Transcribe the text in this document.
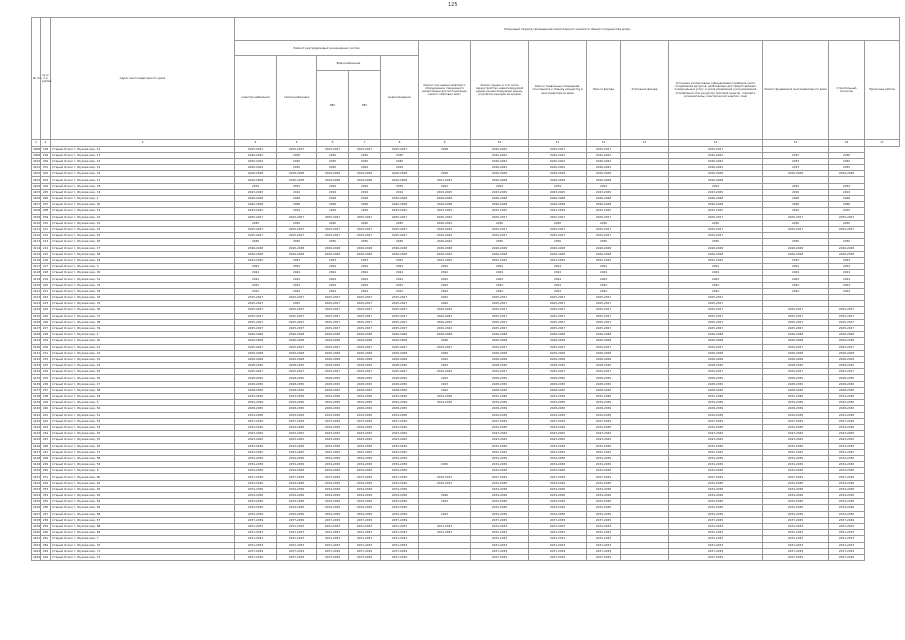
125
№ п/п	№ п/п в рублях	Адрес многоквартирного дома	Плановый период проведения капитального ремонта общего имущества дома													
			Ремонт внутридомовых инженерных систем					Ремонт или замена лифтового оборудования, признанного непригодным для эксплуатации, ремонт лифтовых шахт	Ремонт крыши, в том числе переустройство невентилируемой крыши на вентилируемую крышу, устройство выходов на кровлю	Ремонт подвальных помещений, относящихся к общему имуществу в многоквартирном доме	Ремонт фасада	Утепление фасада	Установка коллективных (общедомовых) приборов учета потребления ресурсов, необходимых для предоставления коммунальных услуг, и узлов управления и регулирования потребления этих ресурсов (тепловой энергии, горячей и холодной воды, электрической энергии, газа)	Ремонт фундамента многоквартирного дома	Строительный контроль	Проектные работы
			электроснабжения	теплоснабжения	Водоснабжения		водоотведения									
					ХВС	ГВС										
1	2	3	4	5	6	7	8	9	10	11	12	13	14	15	16	17
4098	198	Старый Оскол г, Жукова мкр, 12	2025-2031	2025-2027	2025-2027	2025-2027	2025-2027	2048	2040-2042	2025-2027	2025-2027		2025-2027			
4099	199	Старый Оскол г, Жукова мкр, 13	2040-2042	2030	2030	2030	2030		2040-2042	2040-2042	2040-2042		2040-2042	2033	2036	
4100	200	Старый Оскол г, Жукова мкр, 12	2040-2042	2030	2030	2030	2030		2040-2042	2040-2042	2040-2042		2040-2042	2033	2030	
4101	201	Старый Оскол г, Жукова мкр, 15	2040-2042	2030	2030	2029	2029		2040-2042	2040-2042	2040-2042		2040-2042	2033	2035	
4102	202	Старый Оскол г, Жукова мкр, 16	2026-2028	2026-2028	2026-2028	2026-2028	2026-2028	2026	2026-2028	2026-2028	2026-2028		2026-2028	2026-2028	2026-2028	
4103	203	Старый Оскол г, Жукова мкр, 17	2026-2028	2026-2028	2026-2028	2026-2028	2026-2028	2021-2023	2026-2028	2026-2028	2026-2028		2026-2028			
4104	204	Старый Оскол г, Жукова мкр, 18	2034	2034	2034	2034	2034	2022	2034	2034	2034		2034	2034	2034	
4105	205	Старый Оскол г, Жукова мкр, 19	2043-2045	2019	2019	2019	2019	2043-2045	2043-2045	2043-2045	2043-2045		2043-2045	2019	2019	
4106	206	Старый Оскол г, Жукова мкр, 2	2046-2048	2048	2048	2048	2046-2048	2046-2048	2046-2048	2046-2048	2046-2048		2046-2048	2048	2048	
4107	207	Старый Оскол г, Жукова мкр, 20	2046-2048	2048	2048	2048	2046-2048	2046-2048	2046-2048	2046-2048	2046-2048		2046-2048	2048	2048	
4108	208	Старый Оскол г, Жукова мкр, 21	2043-2045	2019	2019	2019	2043-2045	2043-2045	2043-2045	2043-2045	2043-2045		2043-2045	2019	2019	
4109	209	Старый Оскол г, Жукова мкр, 22	2025-2027	2025-2027	2025-2027	2025-2027	2025-2027	2040-2042	2025-2027	2025-2027	2025-2027		2025-2027	2025-2027	2025-2027	
4110	210	Старый Оскол г, Жукова мкр, 23	2030	2030	2030	2030	2030	2040-2042	2030	2030	2030		2030	2030	2030	
4111	211	Старый Оскол г, Жукова мкр, 24	2025-2027	2025-2027	2025-2027	2025-2027	2025-2027	2040-2042	2025-2027	2025-2027	2025-2027		2025-2027	2025-2027	2025-2027	
4112	212	Старый Оскол г, Жукова мкр, 25	2025-2027	2025-2027	2025-2027	2025-2027	2025-2027	2040-2042	2025-2027	2025-2027	2025-2027		2025-2027			
4113	213	Старый Оскол г, Жукова мкр, 26	2030	2030	2030	2030	2030	2040-2042	2030	2030	2030		2030	2030	2030	
4114	214	Старый Оскол г, Жукова мкр, 27	2046-2048	2046-2048	2046-2048	2046-2048	2046-2048	2046-2048	2046-2048	2046-2048	2046-2048		2046-2048	2046-2048	2046-2048	
4115	215	Старый Оскол г, Жукова мкр, 28	2026-2028	2026-2028	2026-2028	2026-2028	2026-2028	2040-2042	2026-2028	2026-2028	2026-2028		2026-2028	2026-2028	2026-2028	
4116	216	Старый Оскол г, Жукова мкр, 29	2043-2045	2033	2033	2033	2033	2043-2045	2043-2045	2043-2045	2043-2045		2043-2045	2033	2033	
4117	217	Старый Оскол г, Жукова мкр, 3	2024	2024	2024	2024	2024	2022	2024	2024	2024		2024	2024	2024	
4118	218	Старый Оскол г, Жукова мкр, 30	2024	2024	2024	2024	2024	2022	2024	2024	2024		2024	2024	2024	
4119	219	Старый Оскол г, Жукова мкр, 31	2024	2024	2024	2024	2024	2022	2024	2024	2024		2024	2024	2024	
4120	220	Старый Оскол г, Жукова мкр, 32	2024	2024	2024	2024	2024	2022	2024	2024	2024		2024	2024	2024	
4121	221	Старый Оскол г, Жукова мкр, 33	2024	2024	2024	2024	2024	2022	2024	2024	2024		2024	2024	2024	
4122	222	Старый Оскол г, Жукова мкр, 34	2025-2027	2025-2027	2025-2027	2025-2027	2025-2027	2022	2025-2027	2025-2027	2025-2027		2025-2027			
4123	223	Старый Оскол г, Жукова мкр, 35	2025-2027	2025	2025-2027	2025-2027	2025-2027	2040	2025-2027	2025-2027	2025-2027		2025-2027			
4124	224	Старый Оскол г, Жукова мкр, 36	2025-2027	2025-2027	2025-2027	2025-2027	2025-2027	2040-2042	2025-2027	2025-2027	2025-2027		2025-2027	2025-2027	2025-2027	
4125	225	Старый Оскол г, Жукова мкр, 37	2025-2027	2025-2027	2025-2027	2025-2027	2025-2027	2040-2042	2025-2027	2025-2027	2025-2027		2025-2027	2025-2027	2025-2027	
4126	226	Старый Оскол г, Жукова мкр, 38	2025-2027	2025-2027	2025-2027	2025-2027	2025-2027	2040-2042	2025-2027	2025-2027	2025-2027		2025-2027	2025-2027	2025-2027	
4127	227	Старый Оскол г, Жукова мкр, 39	2025-2027	2025-2027	2025-2027	2025-2027	2025-2027	2040-2042	2025-2027	2025-2027	2025-2027		2025-2027	2025-2027	2025-2027	
4128	228	Старый Оскол г, Жукова мкр, 4	2046-2048	2046-2048	2046-2048	2046-2048	2046-2048	2046-2048	2046-2048	2046-2048	2046-2048		2046-2048	2046-2048	2046-2048	
4129	229	Старый Оскол г, Жукова мкр, 40	2026-2028	2026-2028	2026-2028	2026-2028	2026-2028	2026	2026-2028	2026-2028	2026-2028		2026-2028	2026-2028	2026-2028	
4130	230	Старый Оскол г, Жукова мкр, 41	2025-2027	2025-2027	2025-2027	2025-2027	2025-2027	2025-2027	2025-2027	2025-2027	2025-2027		2025-2027	2025-2027	2025-2027	
4131	231	Старый Оскол г, Жукова мкр, 42	2026-2028	2026-2028	2026-2028	2026-2028	2026-2028	2026	2026-2028	2026-2028	2026-2028		2026-2028	2026-2028	2026-2028	
4132	232	Старый Оскол г, Жукова мкр, 43	2026-2028	2026-2028	2026-2028	2026-2028	2026-2028	2022	2026-2028	2026-2028	2026-2028		2026-2028	2026-2028	2026-2028	
4133	233	Старый Оскол г, Жукова мкр, 44	2028-2030	2028-2030	2028-2030	2028-2030	2028-2030	2043	2028-2030	2028-2030	2028-2030		2028-2030	2028-2030	2028-2030	
4134	234	Старый Оскол г, Жукова мкр, 45	2025-2027	2025-2027	2025-2027	2025-2027	2025-2027	2040-2042	2025-2027	2025-2027	2025-2027		2025-2027	2025-2027	2025-2027	
4135	235	Старый Оскол г, Жукова мкр, 46	2028-2030	2028-2030	2028-2030	2028-2030	2028-2030	2043	2028-2030	2028-2030	2028-2030		2028-2030	2028-2030	2028-2030	
4136	236	Старый Оскол г, Жукова мкр, 47	2028-2030	2028-2030	2028-2030	2028-2030	2028-2030	2043	2028-2030	2028-2030	2028-2030		2028-2030	2028-2030	2028-2030	
4137	237	Старый Оскол г, Жукова мкр, 48	2028-2030	2028-2030	2028-2030	2028-2030	2028-2030	2043	2028-2030	2028-2030	2028-2030		2028-2030	2028-2030	2028-2030	
4138	238	Старый Оскол г, Жукова мкр, 49	2034-2036	2034-2036	2034-2036	2034-2036	2034-2036	2034-2036	2034-2036	2034-2036	2034-2036		2034-2036	2034-2036	2034-2036	
4139	239	Старый Оскол г, Жукова мкр, 5	2034-2036	2034-2036	2034-2036	2034-2036	2034-2036	2034-2036	2034-2036	2034-2036	2034-2036		2034-2036	2034-2036	2034-2036	
4140	240	Старый Оскол г, Жукова мкр, 50	2028-2030	2028-2030	2028-2030	2028-2030	2028-2030		2028-2030	2028-2030	2028-2030		2028-2030	2028-2030	2028-2030	
4141	241	Старый Оскол г, Жукова мкр, 51	2034-2036	2034-2036	2034-2036	2034-2036	2034-2036		2034-2036	2034-2036	2034-2036		2034-2036	2034-2036	2034-2036	
4142	242	Старый Оскол г, Жукова мкр, 52	2037-2039	2037-2039	2037-2039	2037-2039	2037-2039		2037-2039	2037-2039	2037-2039		2037-2039	2037-2039	2037-2039	
4143	243	Старый Оскол г, Жукова мкр, 53	2034-2036	2034-2036	2034-2036	2034-2036	2034-2036		2034-2036	2034-2036	2034-2036		2034-2036	2034-2036	2034-2036	
4144	244	Старый Оскол г, Жукова мкр, 54	2043-2045	2043-2045	2043-2045	2043-2045	2043-2045		2043-2045	2043-2045	2043-2045		2043-2045	2043-2045	2043-2045	
4145	245	Старый Оскол г, Жукова мкр, 55	2043-2045	2043-2045	2043-2045	2043-2045	2043-2045		2043-2045	2043-2045	2043-2045		2043-2045	2043-2045	2043-2045	
4146	246	Старый Оскол г, Жукова мкр, 56	2034-2036	2034-2036	2034-2036	2034-2036	2034-2036		2034-2036	2034-2036	2034-2036		2034-2036	2034-2036	2034-2036	
4147	247	Старый Оскол г, Жукова мкр, 57	2043-2045	2043-2045	2043-2045	2043-2045	2043-2045		2043-2045	2043-2045	2043-2045		2043-2045	2043-2045	2043-2045	
4148	248	Старый Оскол г, Жукова мкр, 58	2034-2036	2034-2036	2034-2036	2034-2036	2034-2036		2034-2036	2034-2036	2034-2036		2034-2036	2034-2036	2034-2036	
4149	249	Старый Оскол г, Жукова мкр, 59	2034-2036	2034-2036	2034-2036	2034-2036	2034-2036	2030	2034-2036	2034-2036	2034-2036		2034-2036	2034-2036	2034-2036	
4150	250	Старый Оскол г, Жукова мкр, 6	2034-2036	2034-2036	2034-2036	2034-2036	2034-2036		2034-2036	2034-2036	2034-2036		2034-2036	2034-2036	2034-2036	
4151	251	Старый Оскол г, Жукова мкр, 60	2037-2039	2037-2039	2037-2039	2037-2039	2037-2039	2030-2031	2037-2039	2037-2039	2037-2039		2037-2039	2037-2039	2037-2039	
4152	252	Старый Оскол г, Жукова мкр, 61	2034-2036	2034-2036	2034-2036	2034-2036	2034-2036	2030-2031	2034-2036	2034-2036	2034-2036		2034-2036	2034-2036	2034-2036	
4153	253	Старый Оскол г, Жукова мкр, 62	2034-2036	2034-2036	2034-2036	2034-2036	2034-2036		2034-2036	2034-2036	2034-2036		2034-2036	2034-2036	2034-2036	
4154	254	Старый Оскол г, Жукова мкр, 63	2034-2036	2034-2036	2034-2036	2034-2036	2034-2036	2026	2034-2036	2034-2036	2034-2036		2034-2036	2034-2036	2034-2036	
4155	255	Старый Оскол г, Жукова мкр, 64	2034-2036	2034-2036	2034-2036	2034-2036	2034-2036	2023	2034-2036	2034-2036	2034-2036		2034-2036	2034-2036	2034-2036	
4156	256	Старый Оскол г, Жукова мкр, 65	2034-2036	2034-2036	2034-2036	2034-2036	2034-2036		2034-2036	2034-2036	2034-2036		2034-2036	2034-2036	2034-2036	
4157	257	Старый Оскол г, Жукова мкр, 66	2034-2036	2034-2036	2034-2036	2034-2036	2034-2036	2023	2034-2036	2034-2036	2034-2036		2034-2036	2034-2036	2034-2036	
4158	258	Старый Оскол г, Жукова мкр, 67	2037-2039	2037-2039	2037-2039	2037-2039	2037-2039		2037-2039	2037-2039	2037-2039		2037-2039	2037-2039	2037-2039	
4159	259	Старый Оскол г, Жукова мкр, 68	2031-2033	2031-2033	2031-2033	2031-2033	2031-2033	2031-2033	2031-2033	2031-2033	2031-2033		2031-2033	2031-2033	2031-2033	
4160	260	Старый Оскол г, Жукова мкр, 69	2031-2033	2031-2033	2031-2033	2031-2033	2031-2033	2031-2033	2031-2033	2031-2033	2031-2033		2031-2033	2031-2033	2031-2033	
4161	261	Старый Оскол г, Жукова мкр, 7	2031-2033	2031-2033	2031-2033	2031-2033	2031-2033		2031-2033	2031-2033	2031-2033		2031-2033	2031-2033	2031-2033	
4162	262	Старый Оскол г, Жукова мкр, 70	2031-2033	2031-2033	2031-2033	2031-2033	2031-2033		2031-2033	2031-2033	2031-2033		2031-2033	2031-2033	2031-2033	
4163	263	Старый Оскол г, Жукова мкр, 71	2037-2039	2037-2039	2037-2039	2037-2039	2037-2039		2037-2039	2037-2039	2037-2039		2037-2039	2037-2039	2037-2039	
4164	264	Старый Оскол г, Жукова мкр, 72	2037-2039	2037-2039	2037-2039	2037-2039	2037-2039		2037-2039	2037-2039	2037-2039		2037-2039	2037-2039	2037-2039	
